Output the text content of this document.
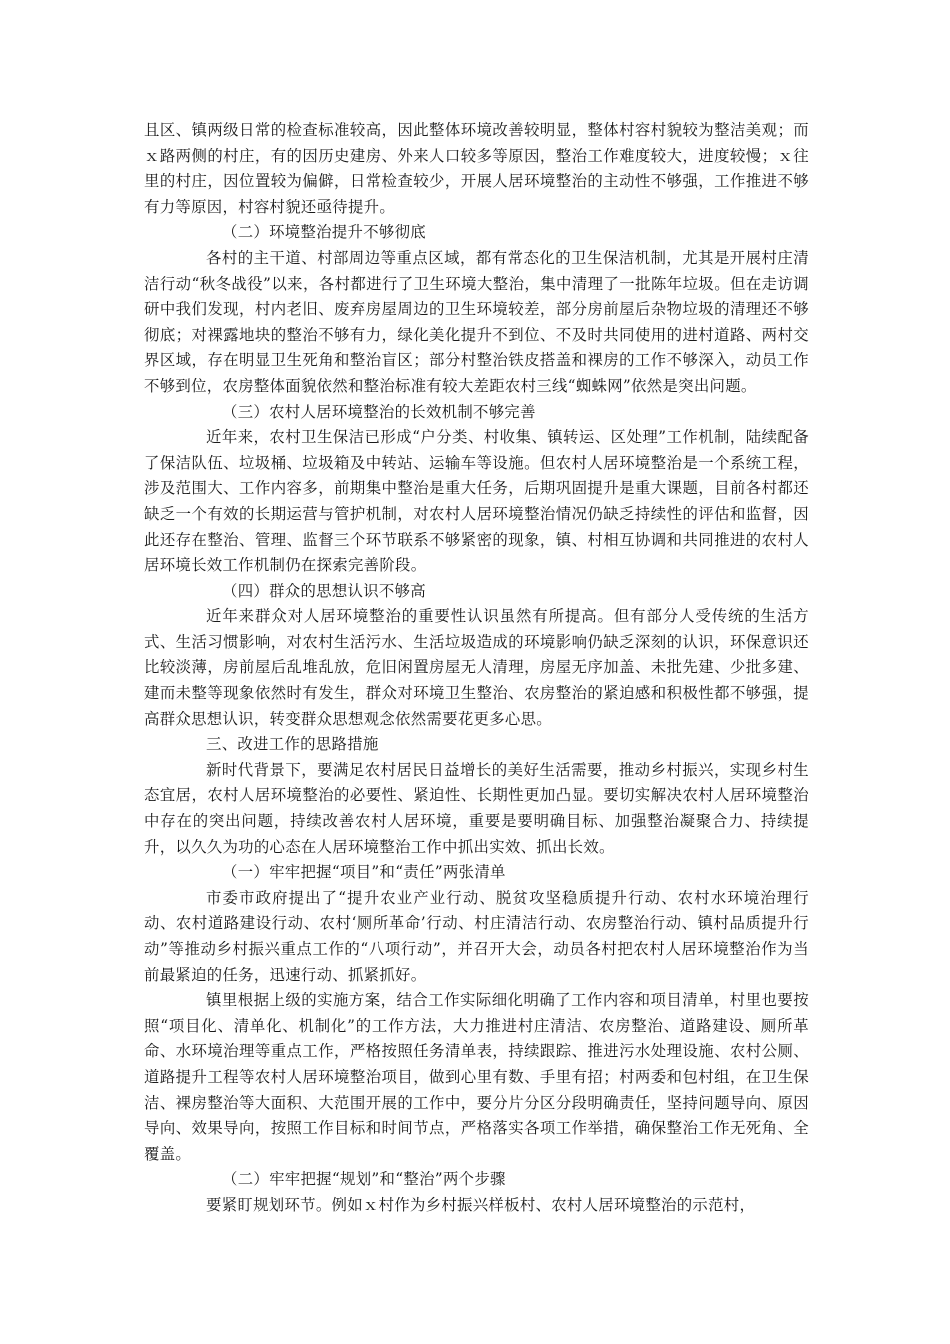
且区、镇两级日常的检查标准较高，因此整体环境改善较明显，整体村容村貌较为整洁美观；而ｘ路两侧的村庄，有的因历史建房、外来人口较多等原因，整治工作难度较大，进度较慢；ｘ往里的村庄，因位置较为偏僻，日常检查较少，开展人居环境整治的主动性不够强，工作推进不够有力等原因，村容村貌还亟待提升。

（二）环境整治提升不够彻底

各村的主干道、村部周边等重点区域，都有常态化的卫生保洁机制，尤其是开展村庄清洁行动“秋冬战役”以来，各村都进行了卫生环境大整治，集中清理了一批陈年垃圾。但在走访调研中我们发现，村内老旧、废弃房屋周边的卫生环境较差，部分房前屋后杂物垃圾的清理还不够彻底；对裸露地块的整治不够有力，绿化美化提升不到位、不及时共同使用的进村道路、两村交界区域，存在明显卫生死角和整治盲区；部分村整治铁皮搭盖和裸房的工作不够深入，动员工作不够到位，农房整体面貌依然和整治标准有较大差距农村三线“蜘蛛网”依然是突出问题。

（三）农村人居环境整治的长效机制不够完善

近年来，农村卫生保洁已形成“户分类、村收集、镇转运、区处理”工作机制，陆续配备了保洁队伍、垃圾桶、垃圾箱及中转站、运输车等设施。但农村人居环境整治是一个系统工程，涉及范围大、工作内容多，前期集中整治是重大任务，后期巩固提升是重大课题，目前各村都还缺乏一个有效的长期运营与管护机制，对农村人居环境整治情况仍缺乏持续性的评估和监督，因此还存在整治、管理、监督三个环节联系不够紧密的现象，镇、村相互协调和共同推进的农村人居环境长效工作机制仍在探索完善阶段。

（四）群众的思想认识不够高

近年来群众对人居环境整治的重要性认识虽然有所提高。但有部分人受传统的生活方式、生活习惯影响，对农村生活污水、生活垃圾造成的环境影响仍缺乏深刻的认识，环保意识还比较淡薄，房前屋后乱堆乱放，危旧闲置房屋无人清理，房屋无序加盖、未批先建、少批多建、建而未整等现象依然时有发生，群众对环境卫生整治、农房整治的紧迫感和积极性都不够强，提高群众思想认识，转变群众思想观念依然需要花更多心思。

三、改进工作的思路措施

新时代背景下，要满足农村居民日益增长的美好生活需要，推动乡村振兴，实现乡村生态宜居，农村人居环境整治的必要性、紧迫性、长期性更加凸显。要切实解决农村人居环境整治中存在的突出问题，持续改善农村人居环境，重要是要明确目标、加强整治凝聚合力、持续提升，以久久为功的心态在人居环境整治工作中抓出实效、抓出长效。

（一）牢牢把握“项目”和“责任”两张清单

市委市政府提出了“提升农业产业行动、脱贫攻坚稳质提升行动、农村水环境治理行动、农村道路建设行动、农村‘厕所革命’行动、村庄清洁行动、农房整治行动、镇村品质提升行动”等推动乡村振兴重点工作的“八项行动”，并召开大会，动员各村把农村人居环境整治作为当前最紧迫的任务，迅速行动、抓紧抓好。

镇里根据上级的实施方案，结合工作实际细化明确了工作内容和项目清单，村里也要按照“项目化、清单化、机制化”的工作方法，大力推进村庄清洁、农房整治、道路建设、厕所革命、水环境治理等重点工作，严格按照任务清单表，持续跟踪、推进污水处理设施、农村公厕、道路提升工程等农村人居环境整治项目，做到心里有数、手里有招；村两委和包村组，在卫生保洁、裸房整治等大面积、大范围开展的工作中，要分片分区分段明确责任，坚持问题导向、原因导向、效果导向，按照工作目标和时间节点，严格落实各项工作举措，确保整治工作无死角、全覆盖。

（二）牢牢把握“规划”和“整治”两个步骤

要紧盯规划环节。例如ｘ村作为乡村振兴样板村、农村人居环境整治的示范村，
